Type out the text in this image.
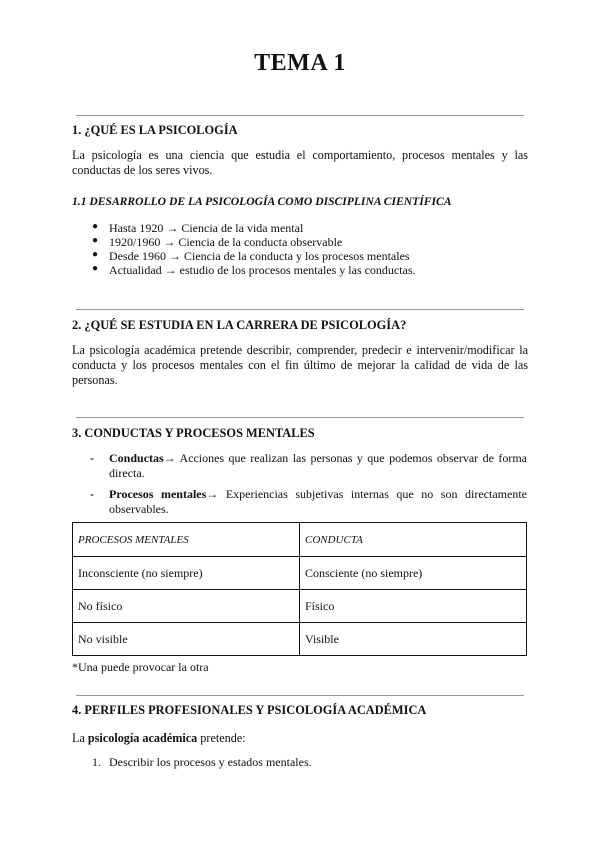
TEMA 1
1. ¿QUÉ ES LA PSICOLOGÍA
La psicología es una ciencia que estudia el comportamiento, procesos mentales y las conductas de los seres vivos.
1.1 DESARROLLO DE LA PSICOLOGÍA COMO DISCIPLINA CIENTÍFICA
● Hasta 1920 → Ciencia de la vida mental
● 1920/1960 → Ciencia de la conducta observable
● Desde 1960 → Ciencia de la conducta y los procesos mentales
● Actualidad → estudio de los procesos mentales y las conductas.
2. ¿QUÉ SE ESTUDIA EN LA CARRERA DE PSICOLOGÍA?
La psicología académica pretende describir, comprender, predecir e intervenir/modificar la conducta y los procesos mentales con el fin último de mejorar la calidad de vida de las personas.
3. CONDUCTAS Y PROCESOS MENTALES
- Conductas→ Acciones que realizan las personas y que podemos observar de forma directa.
- Procesos mentales→ Experiencias subjetivas internas que no son directamente observables.
PROCESOS MENTALES	CONDUCTA
Inconsciente (no siempre)	Consciente (no siempre)
No físico	Físico
No visible	Visible
*Una puede provocar la otra
4. PERFILES PROFESIONALES Y PSICOLOGÍA ACADÉMICA
La psicología académica pretende:
1. Describir los procesos y estados mentales.
